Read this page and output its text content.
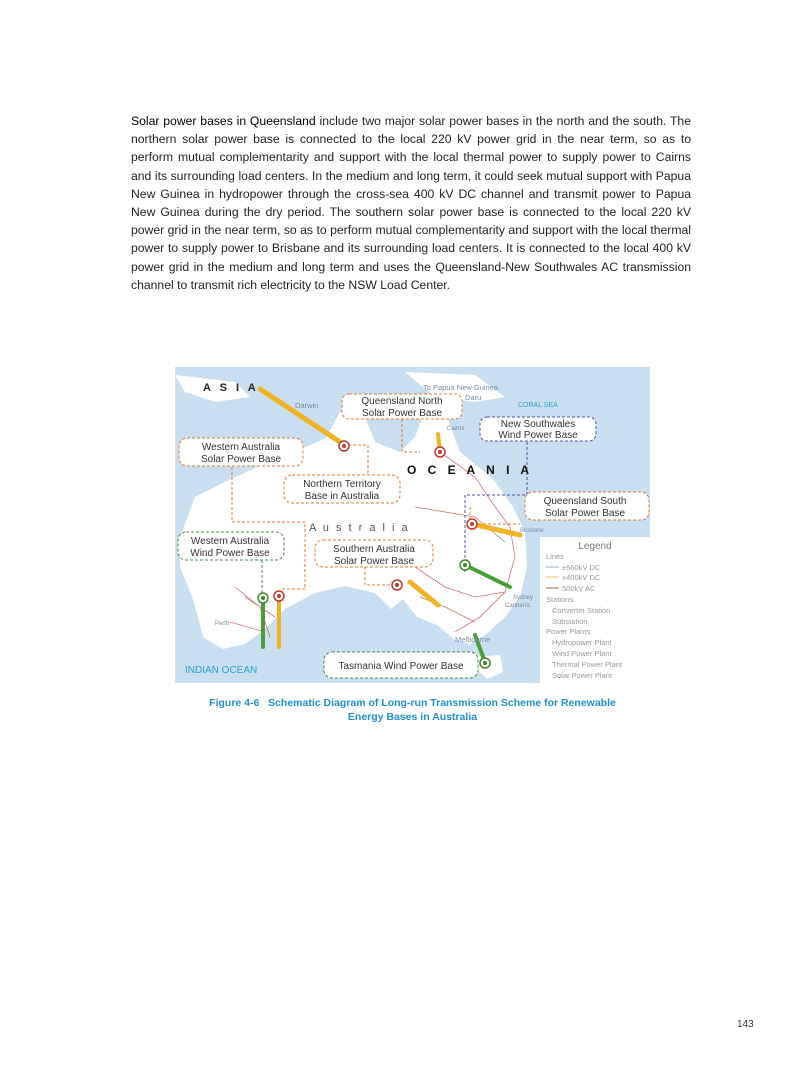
Solar power bases in Queensland include two major solar power bases in the north and the south. The northern solar power base is connected to the local 220 kV power grid in the near term, so as to perform mutual complementarity and support with the local thermal power to supply power to Cairns and its surrounding load centers. In the medium and long term, it could seek mutual support with Papua New Guinea in hydropower through the cross-sea 400 kV DC channel and transmit power to Papua New Guinea during the dry period. The southern solar power base is connected to the local 220 kV power grid in the near term, so as to perform mutual complementarity and support with the local thermal power to supply power to Brisbane and its surrounding load centers. It is connected to the local 400 kV power grid in the medium and long term and uses the Queensland-New Southwales AC transmission channel to transmit rich electricity to the NSW Load Center.

A S I A
O C E A N I A
A u s t r a l i a
CORAL SEA
INDIAN OCEAN
To Papua New Guinea
Daru
Darwin
Cairns
Brisbane
Sydney
Canberra
Perth
Melbourne
Queensland North
Solar Power Base
New Southwales
Wind Power Base
Western Australia
Solar Power Base
Northern Territory
Base in Australia	Queensland South
Solar Power Base
Western Australia
Wind Power Base	Southern Australia
Solar Power Base
Tasmania Wind Power Base
Legend
Lines
±660kV DC
±400kV DC
500kV AC
Stations
Converter Station
Substation
Power Plants
Hydropower Plant
Wind Power Plant
Thermal Power Plant
Solar Power Plant
Figure 4-6   Schematic Diagram of Long-run Transmission Scheme for Renewable
Energy Bases in Australia
143
